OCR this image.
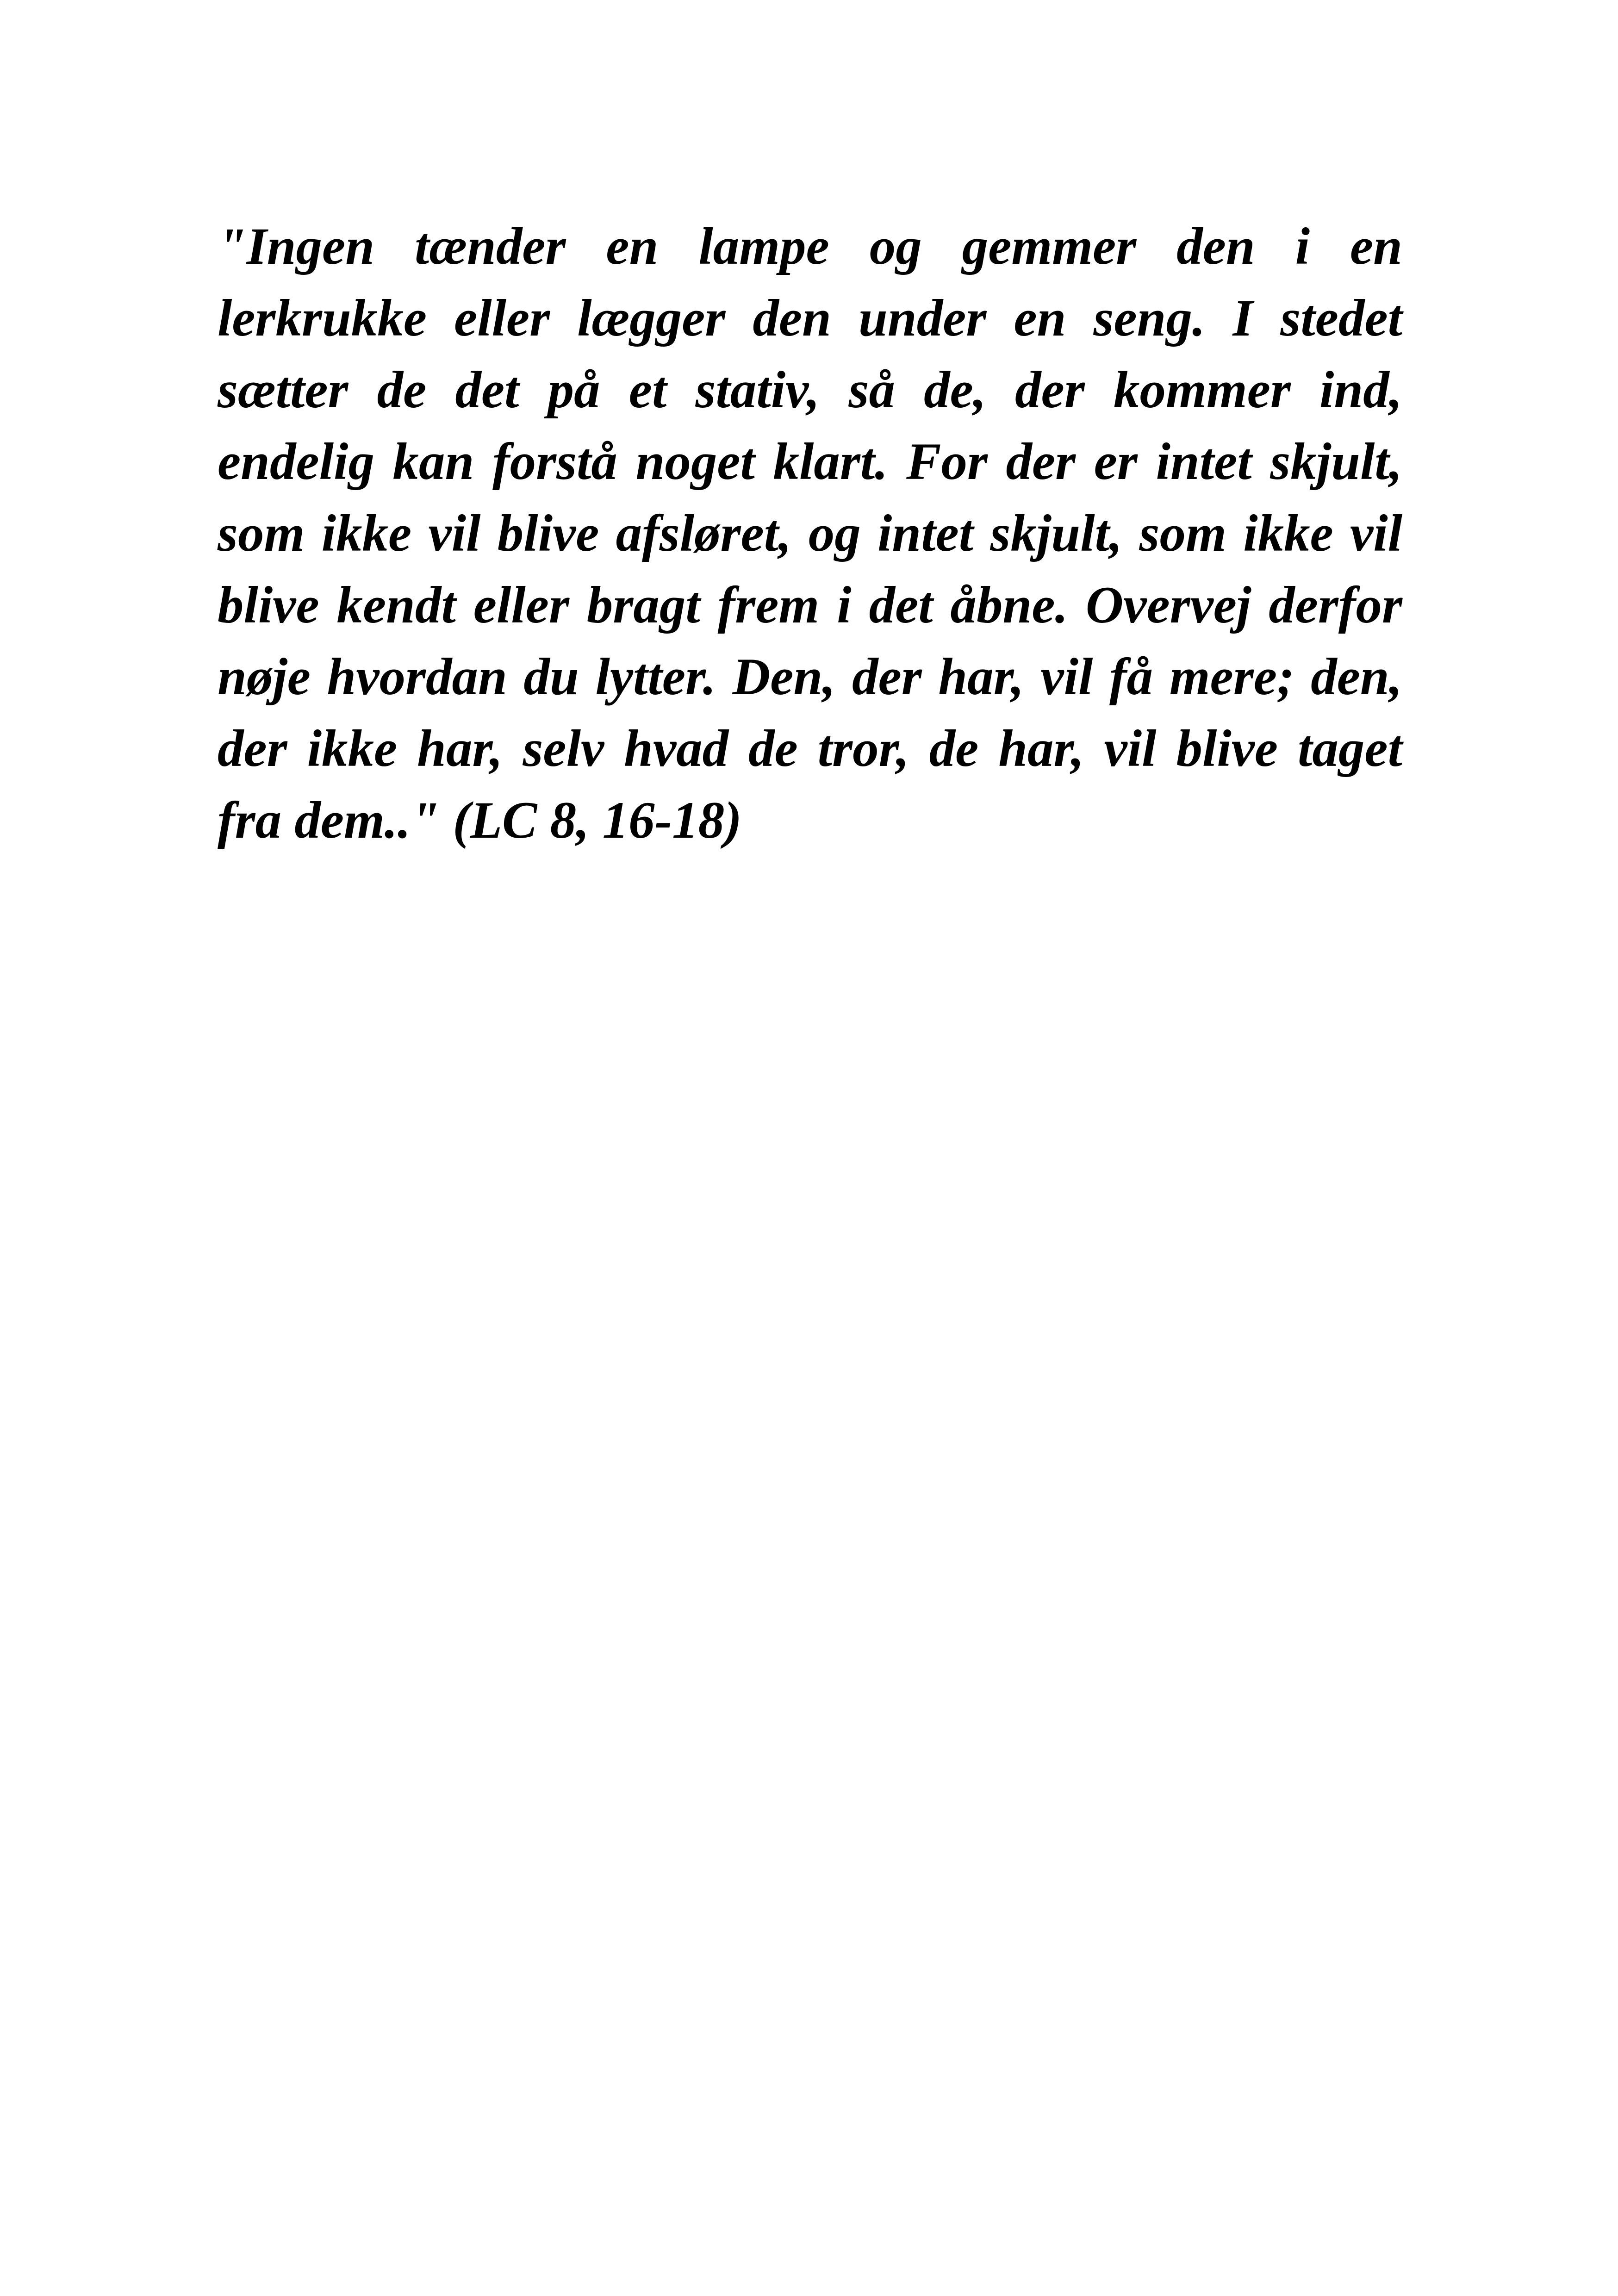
"Ingen tænder en lampe og gemmer den i en
lerkrukke eller lægger den under en seng. I stedet
sætter de det på et stativ, så de, der kommer ind,
endelig kan forstå noget klart. For der er intet skjult,
som ikke vil blive afsløret, og intet skjult, som ikke vil
blive kendt eller bragt frem i det åbne. Overvej derfor
nøje hvordan du lytter. Den, der har, vil få mere; den,
der ikke har, selv hvad de tror, de har, vil blive taget
fra dem.." (LC 8, 16-18)
